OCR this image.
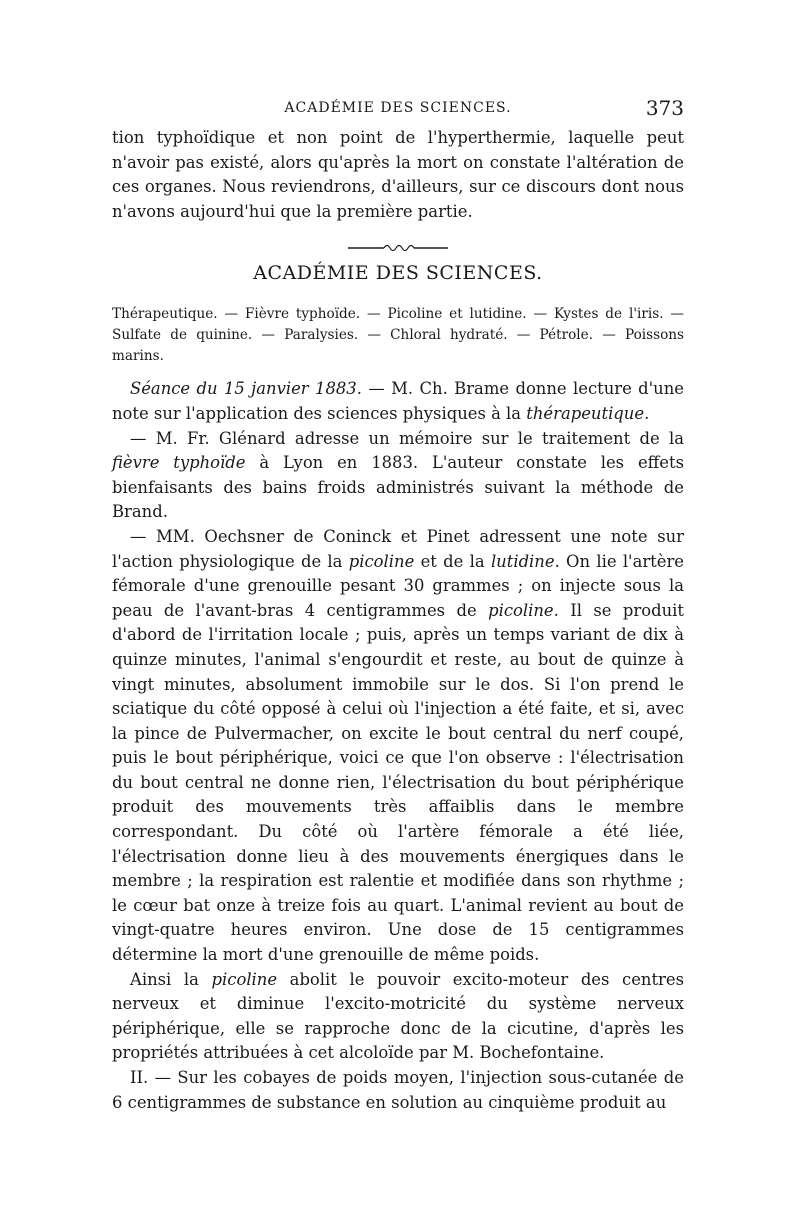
ACADÉMIE DES SCIENCES.	373

tion typhoïdique et non point de l'hyperthermie, laquelle peut n'avoir pas existé, alors qu'après la mort on constate l'altération de ces organes. Nous reviendrons, d'ailleurs, sur ce discours dont nous n'avons aujourd'hui que la première partie.

ACADÉMIE DES SCIENCES.

Thérapeutique. — Fièvre typhoïde. — Picoline et lutidine. — Kystes de l'iris. — Sulfate de quinine. — Paralysies. — Chloral hydraté. — Pétrole. — Poissons marins.

Séance du 15 janvier 1883. — M. Ch. Brame donne lecture d'une note sur l'application des sciences physiques à la thérapeutique.

— M. Fr. Glénard adresse un mémoire sur le traitement de la fièvre typhoïde à Lyon en 1883. L'auteur constate les effets bienfaisants des bains froids administrés suivant la méthode de Brand.

— MM. Oechsner de Coninck et Pinet adressent une note sur l'action physiologique de la picoline et de la lutidine. On lie l'artère fémorale d'une grenouille pesant 30 grammes ; on injecte sous la peau de l'avant-bras 4 centigrammes de picoline. Il se produit d'abord de l'irritation locale ; puis, après un temps variant de dix à quinze minutes, l'animal s'engourdit et reste, au bout de quinze à vingt minutes, absolument immobile sur le dos. Si l'on prend le sciatique du côté opposé à celui où l'injection a été faite, et si, avec la pince de Pulvermacher, on excite le bout central du nerf coupé, puis le bout périphérique, voici ce que l'on observe : l'électrisation du bout central ne donne rien, l'électrisation du bout périphérique produit des mouvements très affaiblis dans le membre correspondant. Du côté où l'artère fémorale a été liée, l'électrisation donne lieu à des mouvements énergiques dans le membre ; la respiration est ralentie et modifiée dans son rhythme ; le cœur bat onze à treize fois au quart. L'animal revient au bout de vingt-quatre heures environ. Une dose de 15 centigrammes détermine la mort d'une grenouille de même poids.

Ainsi la picoline abolit le pouvoir excito-moteur des centres nerveux et diminue l'excito-motricité du système nerveux périphérique, elle se rapproche donc de la cicutine, d'après les propriétés attribuées à cet alcoloïde par M. Bochefontaine.

II. — Sur les cobayes de poids moyen, l'injection sous-cutanée de 6 centigrammes de substance en solution au cinquième produit au
